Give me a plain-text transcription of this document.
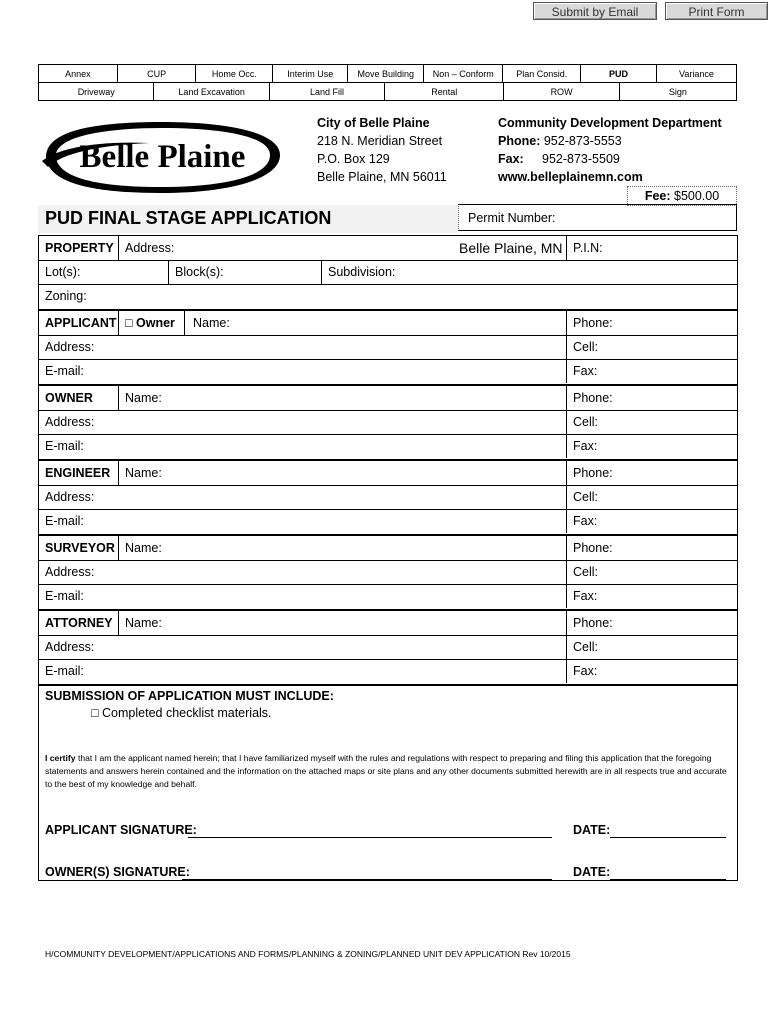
Submit by Email	Print Form
Annex	CUP	Home Occ.	Interim Use	Move Building	Non – Conform	Plan Consid.	PUD	Variance
Driveway	Land Excavation	Land Fill	Rental	ROW	Sign
Belle Plaine
City of Belle Plaine
218 N. Meridian Street
P.O. Box 129
Belle Plaine, MN 56011
Community Development Department
Phone: 952-873-5553
Fax: 952-873-5509
www.belleplainemn.com
Fee: $500.00
PUD FINAL STAGE APPLICATION	Permit Number:
PROPERTY Address:	Belle Plaine, MN P.I.N:
Lot(s):	Block(s):	Subdivision:
Zoning:
APPLICANT □ Owner Name:	Phone:
Address:	Cell:
E-mail:	Fax:
OWNER	Name:	Phone:
Address:	Cell:
E-mail:	Fax:
ENGINEER Name:	Phone:
Address:	Cell:
E-mail:	Fax:
SURVEYOR Name:	Phone:
Address:	Cell:
E-mail:	Fax:
ATTORNEY Name:	Phone:
Address:	Cell:
E-mail:	Fax:
SUBMISSION OF APPLICATION MUST INCLUDE:
□ Completed checklist materials.
I certify that I am the applicant named herein; that I have familiarized myself with the rules and regulations with respect to preparing and filing this application that the foregoing statements and answers herein contained and the information on the attached maps or site plans and any other documents submitted herewith are in all respects true and accurate to the best of my knowledge and behalf.
APPLICANT SIGNATURE:	DATE:
OWNER(S) SIGNATURE:	DATE:
H/COMMUNITY DEVELOPMENT/APPLICATIONS AND FORMS/PLANNING & ZONING/PLANNED UNIT DEV APPLICATION Rev 10/2015
